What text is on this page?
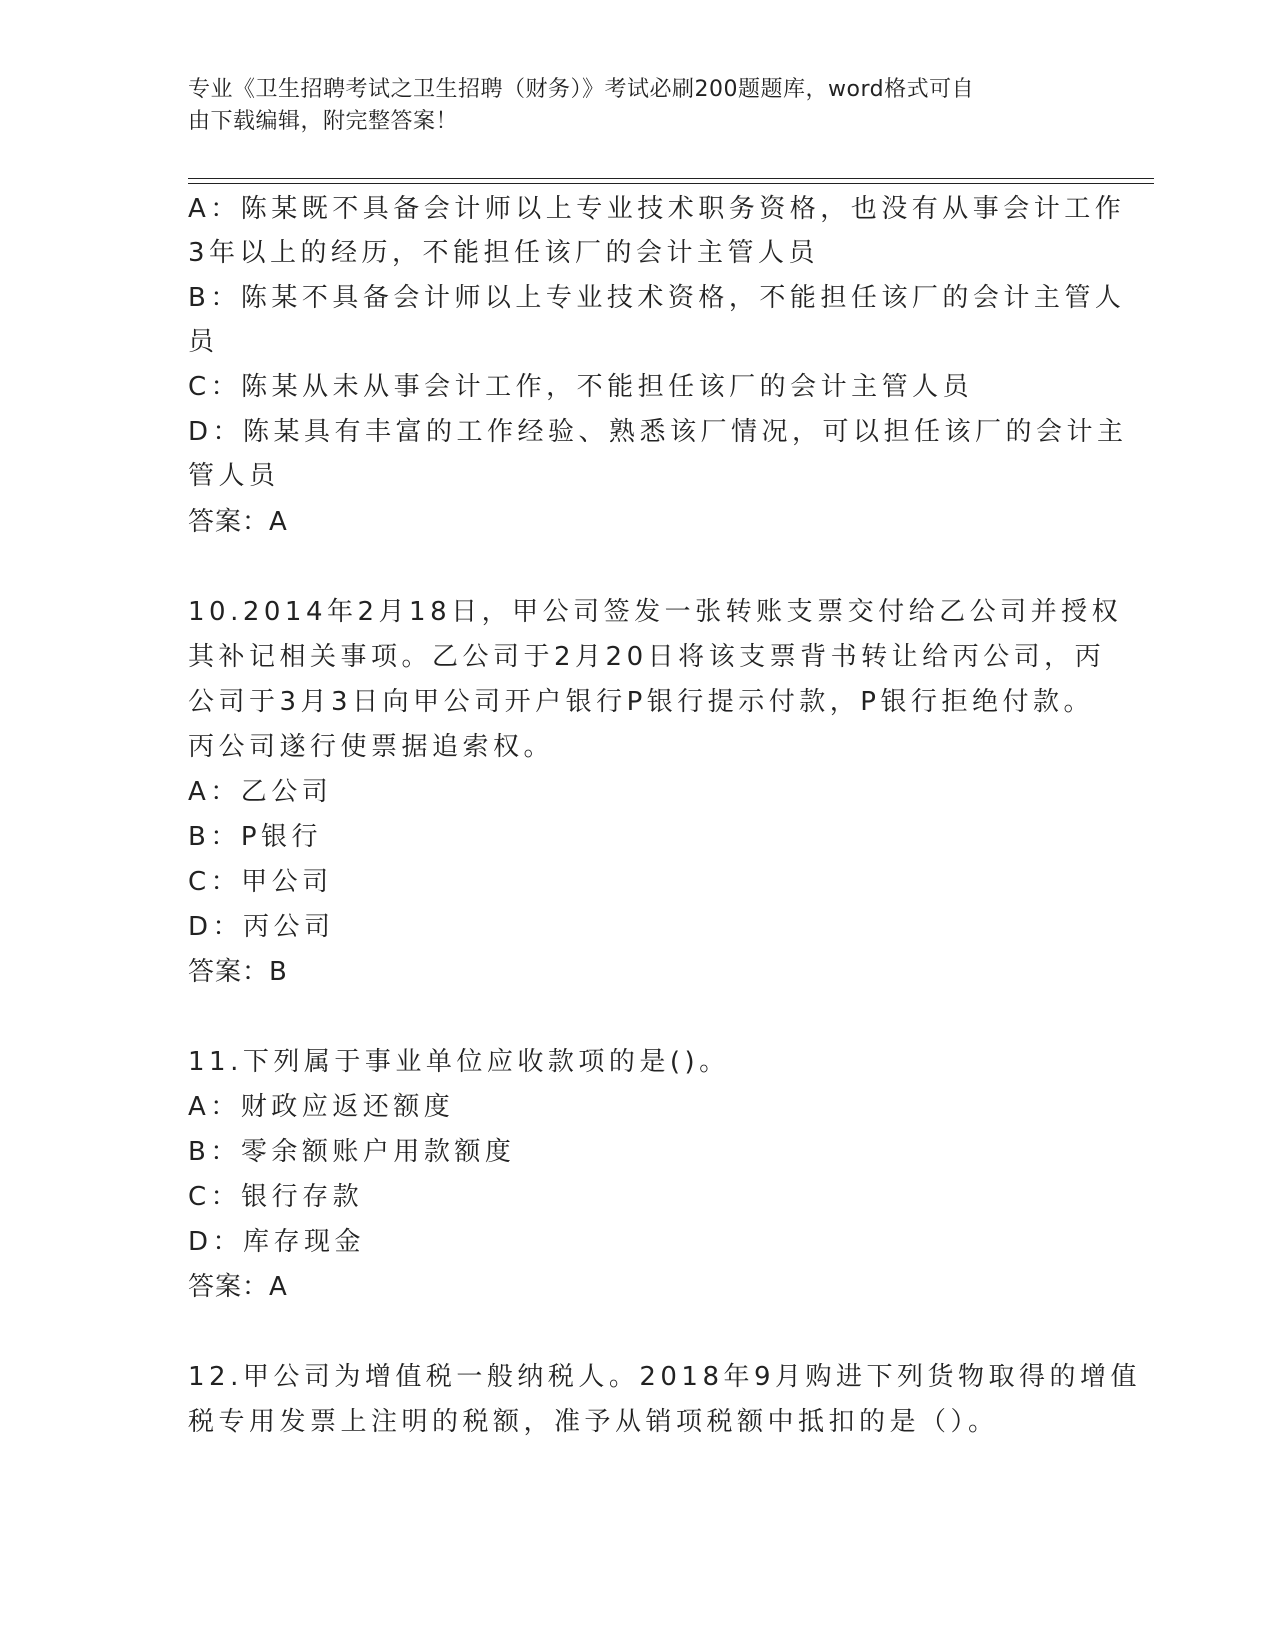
专业《卫生招聘考试之卫生招聘（财务）》考试必刷200题题库，word格式可自
由下载编辑，附完整答案！
A：陈某既不具备会计师以上专业技术职务资格，也没有从事会计工作
3年以上的经历，不能担任该厂的会计主管人员
B：陈某不具备会计师以上专业技术资格，不能担任该厂的会计主管人
员
C：陈某从未从事会计工作，不能担任该厂的会计主管人员
D：陈某具有丰富的工作经验、熟悉该厂情况，可以担任该厂的会计主
管人员
答案：A
10.2014年2月18日，甲公司签发一张转账支票交付给乙公司并授权
其补记相关事项。乙公司于2月20日将该支票背书转让给丙公司，丙
公司于3月3日向甲公司开户银行P银行提示付款，P银行拒绝付款。
丙公司遂行使票据追索权。
A：乙公司
B：P银行
C：甲公司
D：丙公司
答案：B
11.下列属于事业单位应收款项的是()。
A：财政应返还额度
B：零余额账户用款额度
C：银行存款
D：库存现金
答案：A
12.甲公司为增值税一般纳税人。2018年9月购进下列货物取得的增值
税专用发票上注明的税额，准予从销项税额中抵扣的是（）。
